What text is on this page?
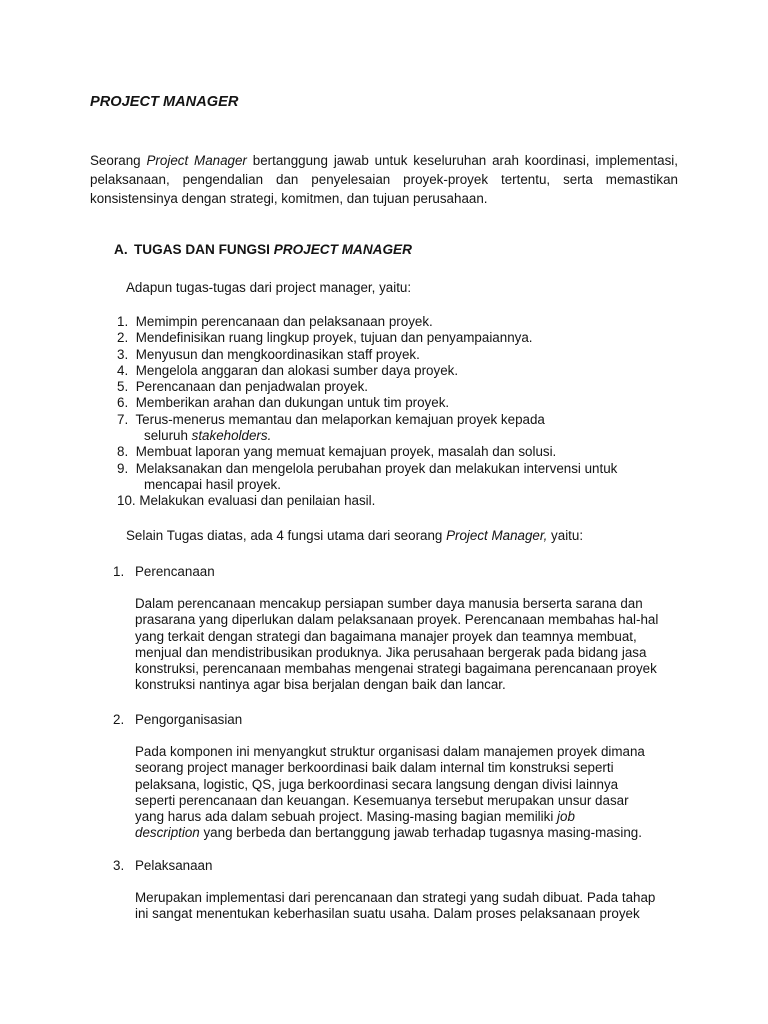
PROJECT MANAGER
Seorang Project Manager bertanggung jawab untuk keseluruhan arah koordinasi, implementasi, pelaksanaan, pengendalian dan penyelesaian proyek-proyek tertentu, serta memastikan konsistensinya dengan strategi, komitmen, dan tujuan perusahaan.
A. TUGAS DAN FUNGSI PROJECT MANAGER
Adapun tugas-tugas dari project manager, yaitu:
1. Memimpin perencanaan dan pelaksanaan proyek.
2. Mendefinisikan ruang lingkup proyek, tujuan dan penyampaiannya.
3. Menyusun dan mengkoordinasikan staff proyek.
4. Mengelola anggaran dan alokasi sumber daya proyek.
5. Perencanaan dan penjadwalan proyek.
6. Memberikan arahan dan dukungan untuk tim proyek.
7. Terus-menerus memantau dan melaporkan kemajuan proyek kepada
seluruh stakeholders.
8. Membuat laporan yang memuat kemajuan proyek, masalah dan solusi.
9. Melaksanakan dan mengelola perubahan proyek dan melakukan intervensi untuk
mencapai hasil proyek.
10. Melakukan evaluasi dan penilaian hasil.
Selain Tugas diatas, ada 4 fungsi utama dari seorang Project Manager, yaitu:
1. Perencanaan
Dalam perencanaan mencakup persiapan sumber daya manusia berserta sarana dan
prasarana yang diperlukan dalam pelaksanaan proyek. Perencanaan membahas hal-hal
yang terkait dengan strategi dan bagaimana manajer proyek dan teamnya membuat,
menjual dan mendistribusikan produknya. Jika perusahaan bergerak pada bidang jasa
konstruksi, perencanaan membahas mengenai strategi bagaimana perencanaan proyek
konstruksi nantinya agar bisa berjalan dengan baik dan lancar.
2. Pengorganisasian
Pada komponen ini menyangkut struktur organisasi dalam manajemen proyek dimana
seorang project manager berkoordinasi baik dalam internal tim konstruksi seperti
pelaksana, logistic, QS, juga berkoordinasi secara langsung dengan divisi lainnya
seperti perencanaan dan keuangan. Kesemuanya tersebut merupakan unsur dasar
yang harus ada dalam sebuah project. Masing-masing bagian memiliki job
description yang berbeda dan bertanggung jawab terhadap tugasnya masing-masing.
3. Pelaksanaan
Merupakan implementasi dari perencanaan dan strategi yang sudah dibuat. Pada tahap
ini sangat menentukan keberhasilan suatu usaha. Dalam proses pelaksanaan proyek
